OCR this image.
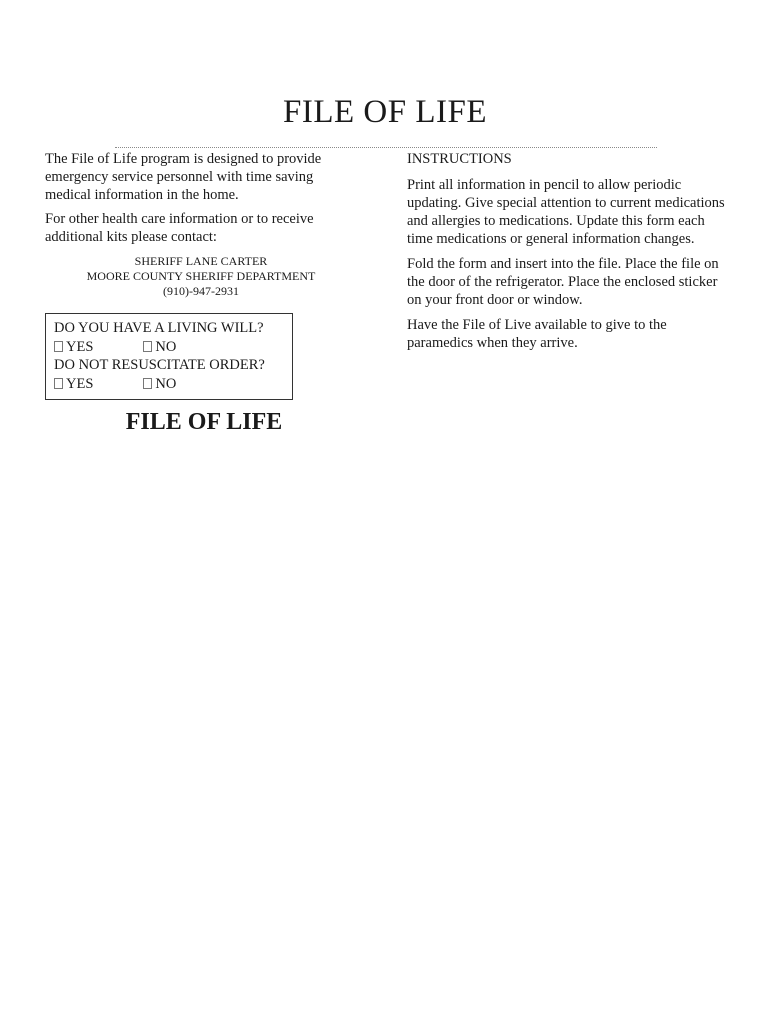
FILE OF LIFE

The File of Life program is designed to provide emergency service personnel with time saving medical information in the home.

For other health care information or to receive additional kits please contact:

SHERIFF LANE CARTER
MOORE COUNTY SHERIFF DEPARTMENT
(910)-947-2931
DO YOU HAVE A LIVING WILL?
YES	NO
DO NOT RESUSCITATE ORDER?
YES	NO
FILE OF LIFE
INSTRUCTIONS

Print all information in pencil to allow periodic updating. Give special attention to current medications and allergies to medications. Update this form each time medications or general information changes.

Fold the form and insert into the file. Place the file on the door of the refrigerator. Place the enclosed sticker on your front door or window.

Have the File of Live available to give to the paramedics when they arrive.
